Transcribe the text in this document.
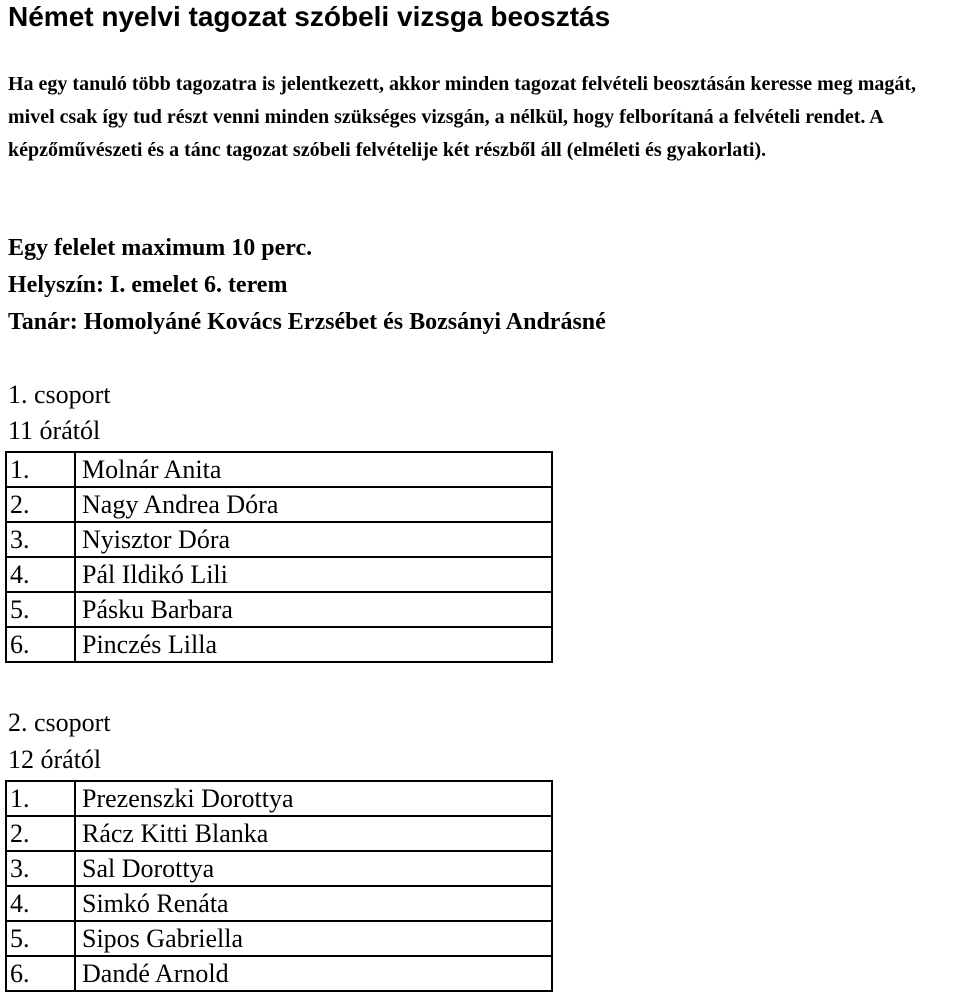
Német nyelvi tagozat szóbeli vizsga beosztás

Ha egy tanuló több tagozatra is jelentkezett, akkor minden tagozat felvételi beosztásán keresse meg magát, mivel csak így tud részt venni minden szükséges vizsgán, a nélkül, hogy felborítaná a felvételi rendet. A képzőművészeti és a tánc tagozat szóbeli felvételije két részből áll (elméleti és gyakorlati).

Egy felelet maximum 10 perc.

Helyszín: I. emelet 6. terem

Tanár: Homolyáné Kovács Erzsébet és Bozsányi Andrásné

1. csoport
11 órától
1.	Molnár Anita
2.	Nagy Andrea Dóra
3.	Nyisztor Dóra
4.	Pál Ildikó Lili
5.	Pásku Barbara
6.	Pinczés Lilla
2. csoport
12 órától
1.	Prezenszki Dorottya
2.	Rácz Kitti Blanka
3.	Sal Dorottya
4.	Simkó Renáta
5.	Sipos Gabriella
6.	Dandé Arnold
